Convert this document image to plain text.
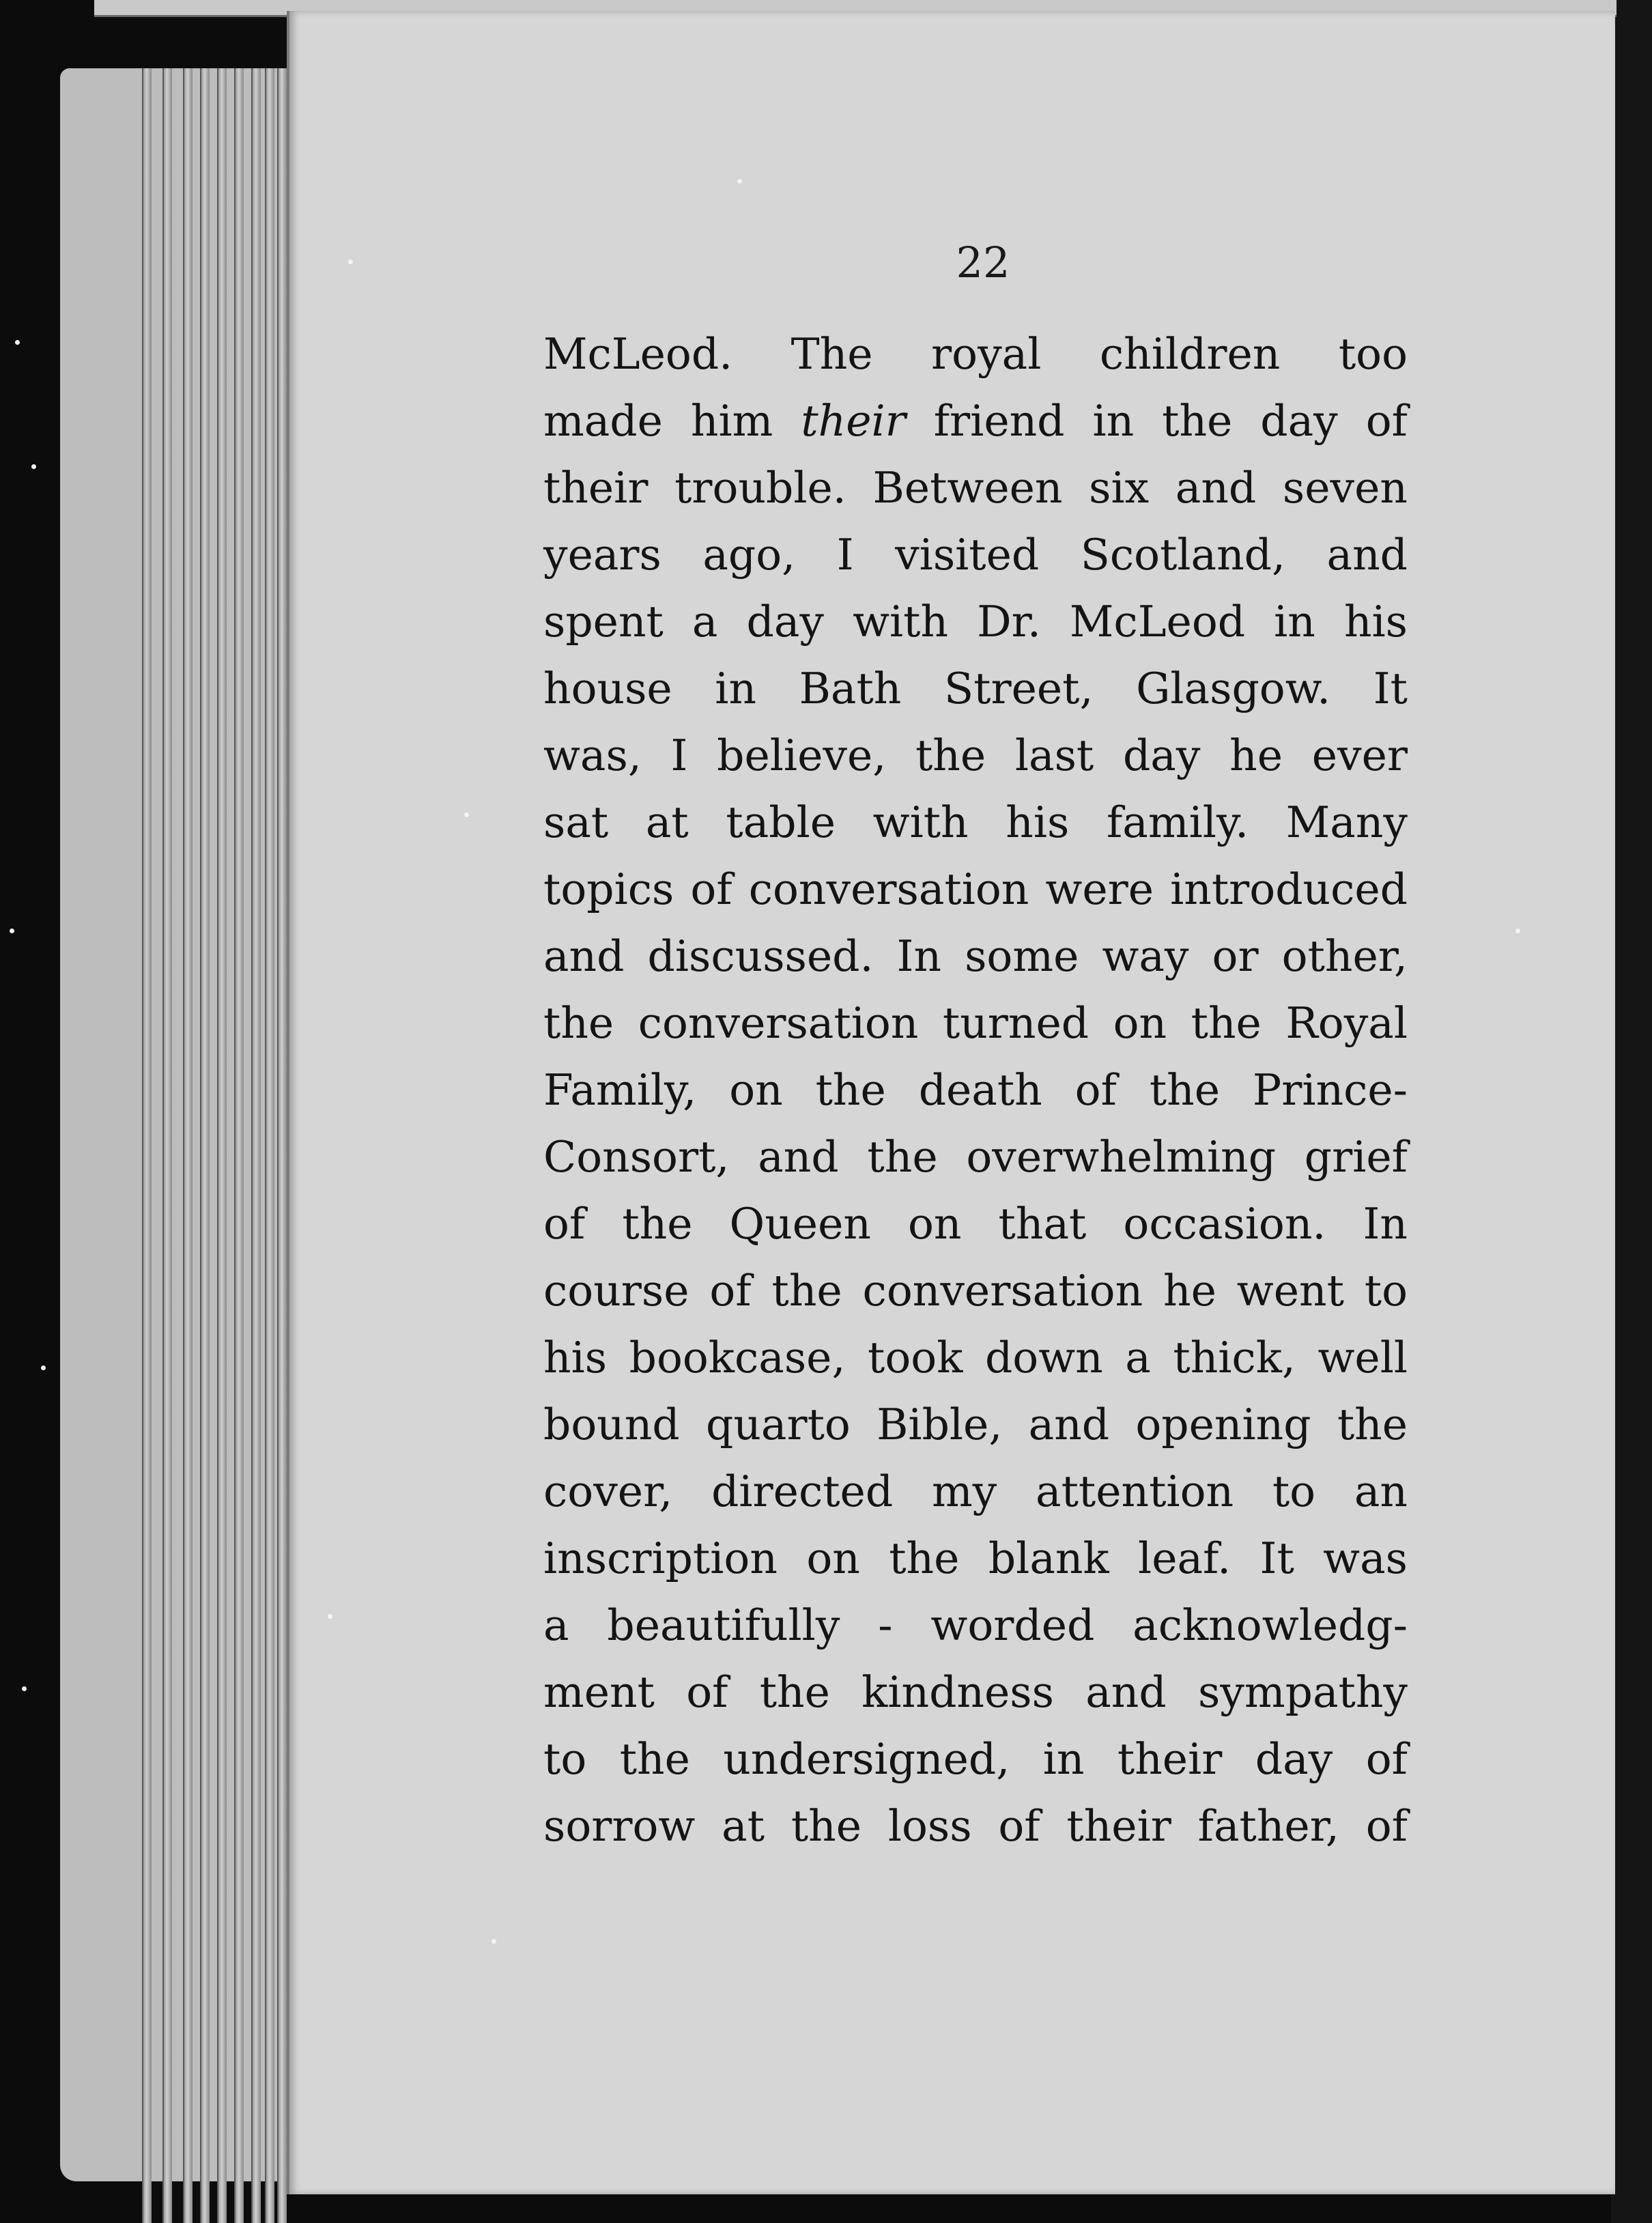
22
McLeod. The royal children too
made him their friend in the day of
their trouble. Between six and seven
years ago, I visited Scotland, and
spent a day with Dr. McLeod in his
house in Bath Street, Glasgow. It
was, I believe, the last day he ever
sat at table with his family. Many
topics of conversation were introduced
and discussed. In some way or other,
the conversation turned on the Royal
Family, on the death of the Prince-
Consort, and the overwhelming grief
of the Queen on that occasion. In
course of the conversation he went to
his bookcase, took down a thick, well
bound quarto Bible, and opening the
cover, directed my attention to an
inscription on the blank leaf. It was
a beautifully - worded acknowledg-
ment of the kindness and sympathy
to the undersigned, in their day of
sorrow at the loss of their father, of
